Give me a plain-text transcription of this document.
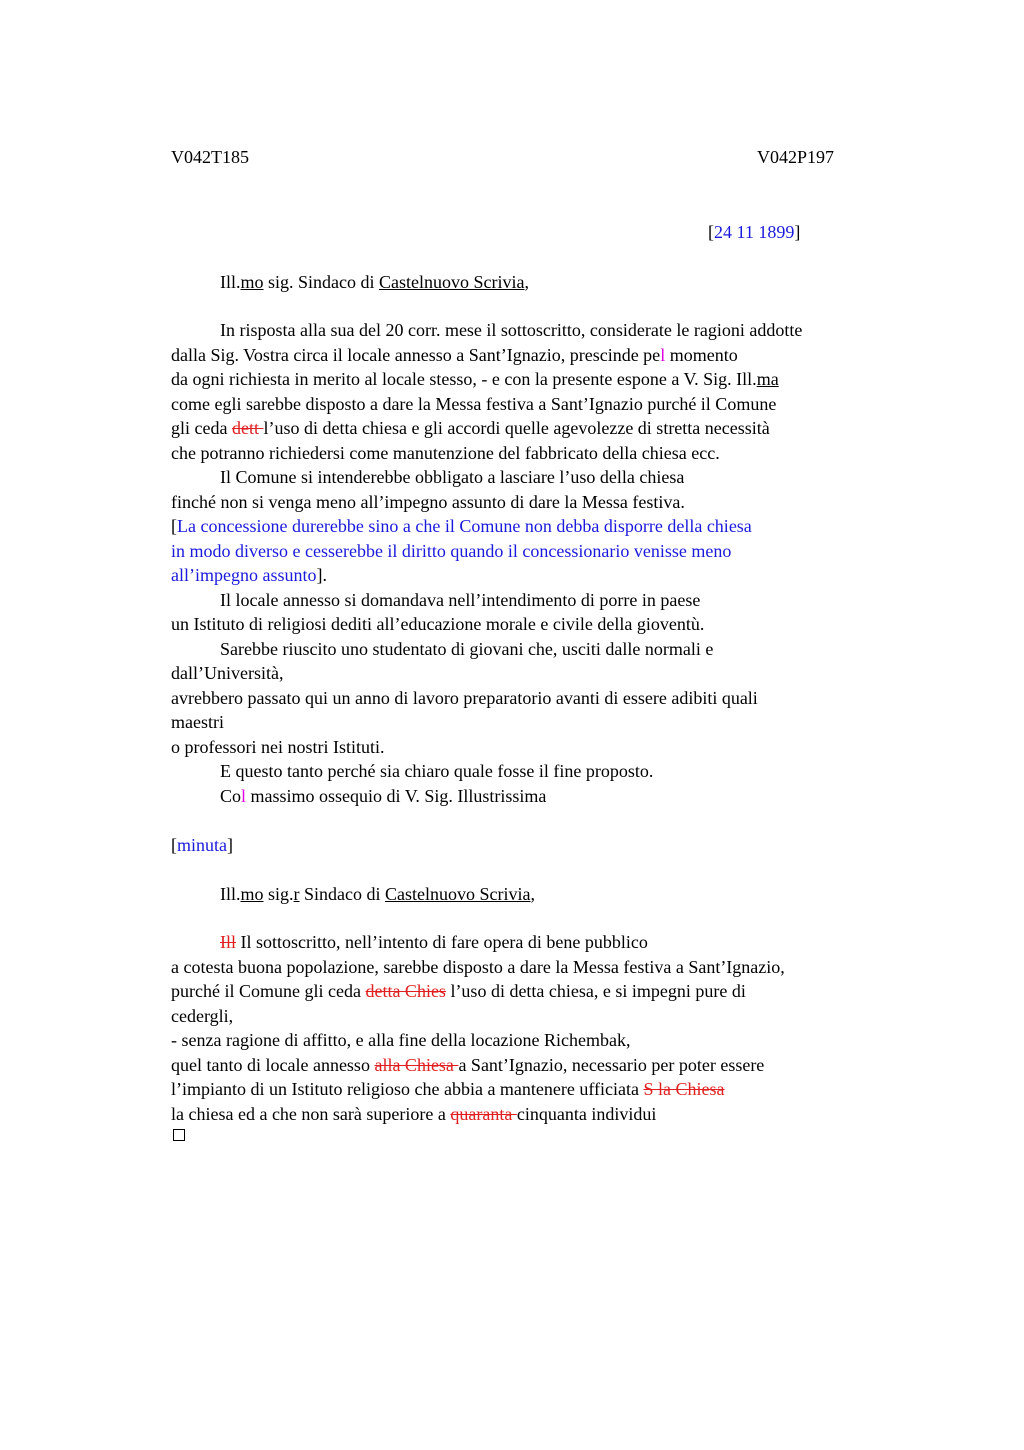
V042T185	V042P197
[24 11 1899]
Ill.mo sig. Sindaco di Castelnuovo Scrivia,
In risposta alla sua del 20 corr. mese il sottoscritto, considerate le ragioni addotte
dalla Sig. Vostra circa il locale annesso a Sant’Ignazio, prescinde pel momento
da ogni richiesta in merito al locale stesso, - e con la presente espone a V. Sig. Ill.ma
come egli sarebbe disposto a dare la Messa festiva a Sant’Ignazio purché il Comune
gli ceda dett l’uso di detta chiesa e gli accordi quelle agevolezze di stretta necessità
che potranno richiedersi come manutenzione del fabbricato della chiesa ecc.
Il Comune si intenderebbe obbligato a lasciare l’uso della chiesa
finché non si venga meno all’impegno assunto di dare la Messa festiva.
[La concessione durerebbe sino a che il Comune non debba disporre della chiesa
in modo diverso e cesserebbe il diritto quando il concessionario venisse meno
all’impegno assunto].
Il locale annesso si domandava nell’intendimento di porre in paese
un Istituto di religiosi dediti all’educazione morale e civile della gioventù.
Sarebbe riuscito uno studentato di giovani che, usciti dalle normali e
dall’Università,
avrebbero passato qui un anno di lavoro preparatorio avanti di essere adibiti quali
maestri
o professori nei nostri Istituti.
E questo tanto perché sia chiaro quale fosse il fine proposto.
Col massimo ossequio di V. Sig. Illustrissima
[minuta]
Ill.mo sig.r Sindaco di Castelnuovo Scrivia,
Ill Il sottoscritto, nell’intento di fare opera di bene pubblico
a cotesta buona popolazione, sarebbe disposto a dare la Messa festiva a Sant’Ignazio,
purché il Comune gli ceda detta Chies l’uso di detta chiesa, e si impegni pure di
cedergli,
- senza ragione di affitto, e alla fine della locazione Richembak,
quel tanto di locale annesso alla Chiesa a Sant’Ignazio, necessario per poter essere
l’impianto di un Istituto religioso che abbia a mantenere ufficiata S la Chiesa
la chiesa ed a che non sarà superiore a quaranta cinquanta individui
